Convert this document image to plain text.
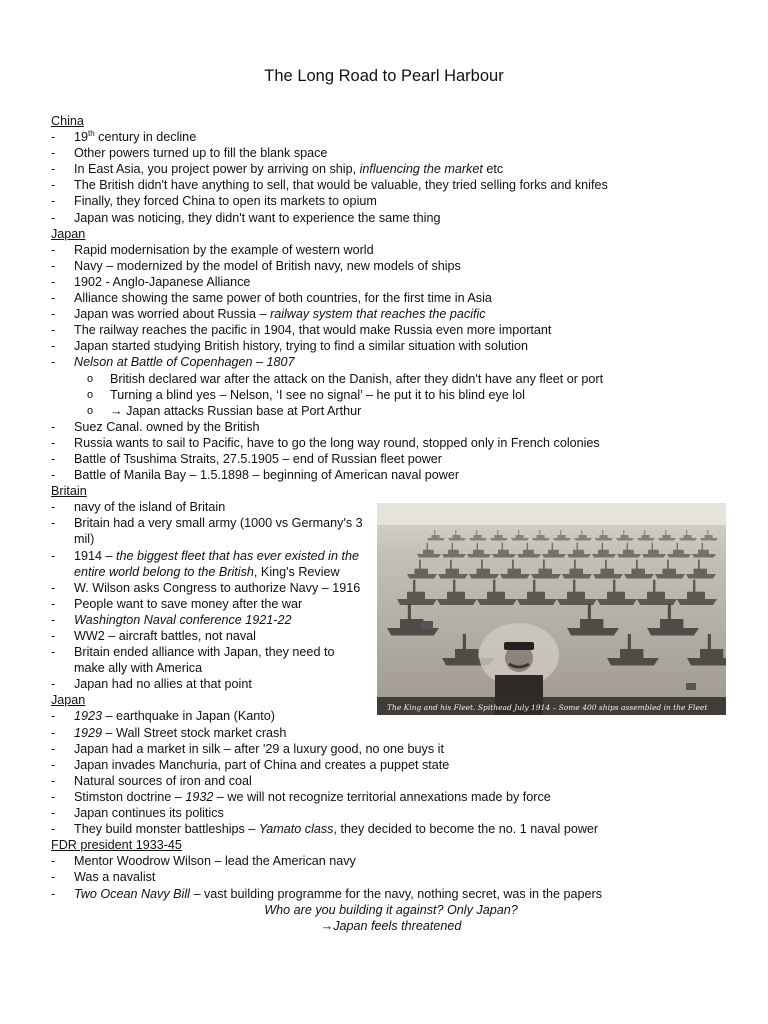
The Long Road to Pearl Harbour
China
- 19th century in decline
- Other powers turned up to fill the blank space
- In East Asia, you project power by arriving on ship, influencing the market etc
- The British didn't have anything to sell, that would be valuable, they tried selling forks and knifes
- Finally, they forced China to open its markets to opium
- Japan was noticing, they didn't want to experience the same thing
Japan
- Rapid modernisation by the example of western world
- Navy – modernized by the model of British navy, new models of ships
- 1902 - Anglo-Japanese Alliance
- Alliance showing the same power of both countries, for the first time in Asia
- Japan was worried about Russia – railway system that reaches the pacific
- The railway reaches the pacific in 1904, that would make Russia even more important
- Japan started studying British history, trying to find a similar situation with solution
- Nelson at Battle of Copenhagen – 1807
o British declared war after the attack on the Danish, after they didn't have any fleet or port
o Turning a blind yes – Nelson, ‘I see no signal’ – he put it to his blind eye lol
o → Japan attacks Russian base at Port Arthur
- Suez Canal. owned by the British
- Russia wants to sail to Pacific, have to go the long way round, stopped only in French colonies
- Battle of Tsushima Straits, 27.5.1905 – end of Russian fleet power
- Battle of Manila Bay – 1.5.1898 – beginning of American naval power
Britain
- navy of the island of Britain
- Britain had a very small army (1000 vs Germany's 3 mil)
- 1914 – the biggest fleet that has ever existed in the entire world belong to the British, King's Review
- W. Wilson asks Congress to authorize Navy – 1916
- People want to save money after the war
- Washington Naval conference 1921-22
- WW2 – aircraft battles, not naval
- Britain ended alliance with Japan, they need to make ally with America
- Japan had no allies at that point
Japan
- 1923 – earthquake in Japan (Kanto)
- 1929 – Wall Street stock market crash
- Japan had a market in silk – after '29 a luxury good, no one buys it
- Japan invades Manchuria, part of China and creates a puppet state
- Natural sources of iron and coal
- Stimston doctrine – 1932 – we will not recognize territorial annexations made by force
- Japan continues its politics
- They build monster battleships – Yamato class, they decided to become the no. 1 naval power
FDR president 1933-45
- Mentor Woodrow Wilson – lead the American navy
- Was a navalist
- Two Ocean Navy Bill – vast building programme for the navy, nothing secret, was in the papers
Who are you building it against? Only Japan?
→Japan feels threatened
The King and his Fleet. Spithead July 1914 – Some 400 ships assembled in the Fleet
